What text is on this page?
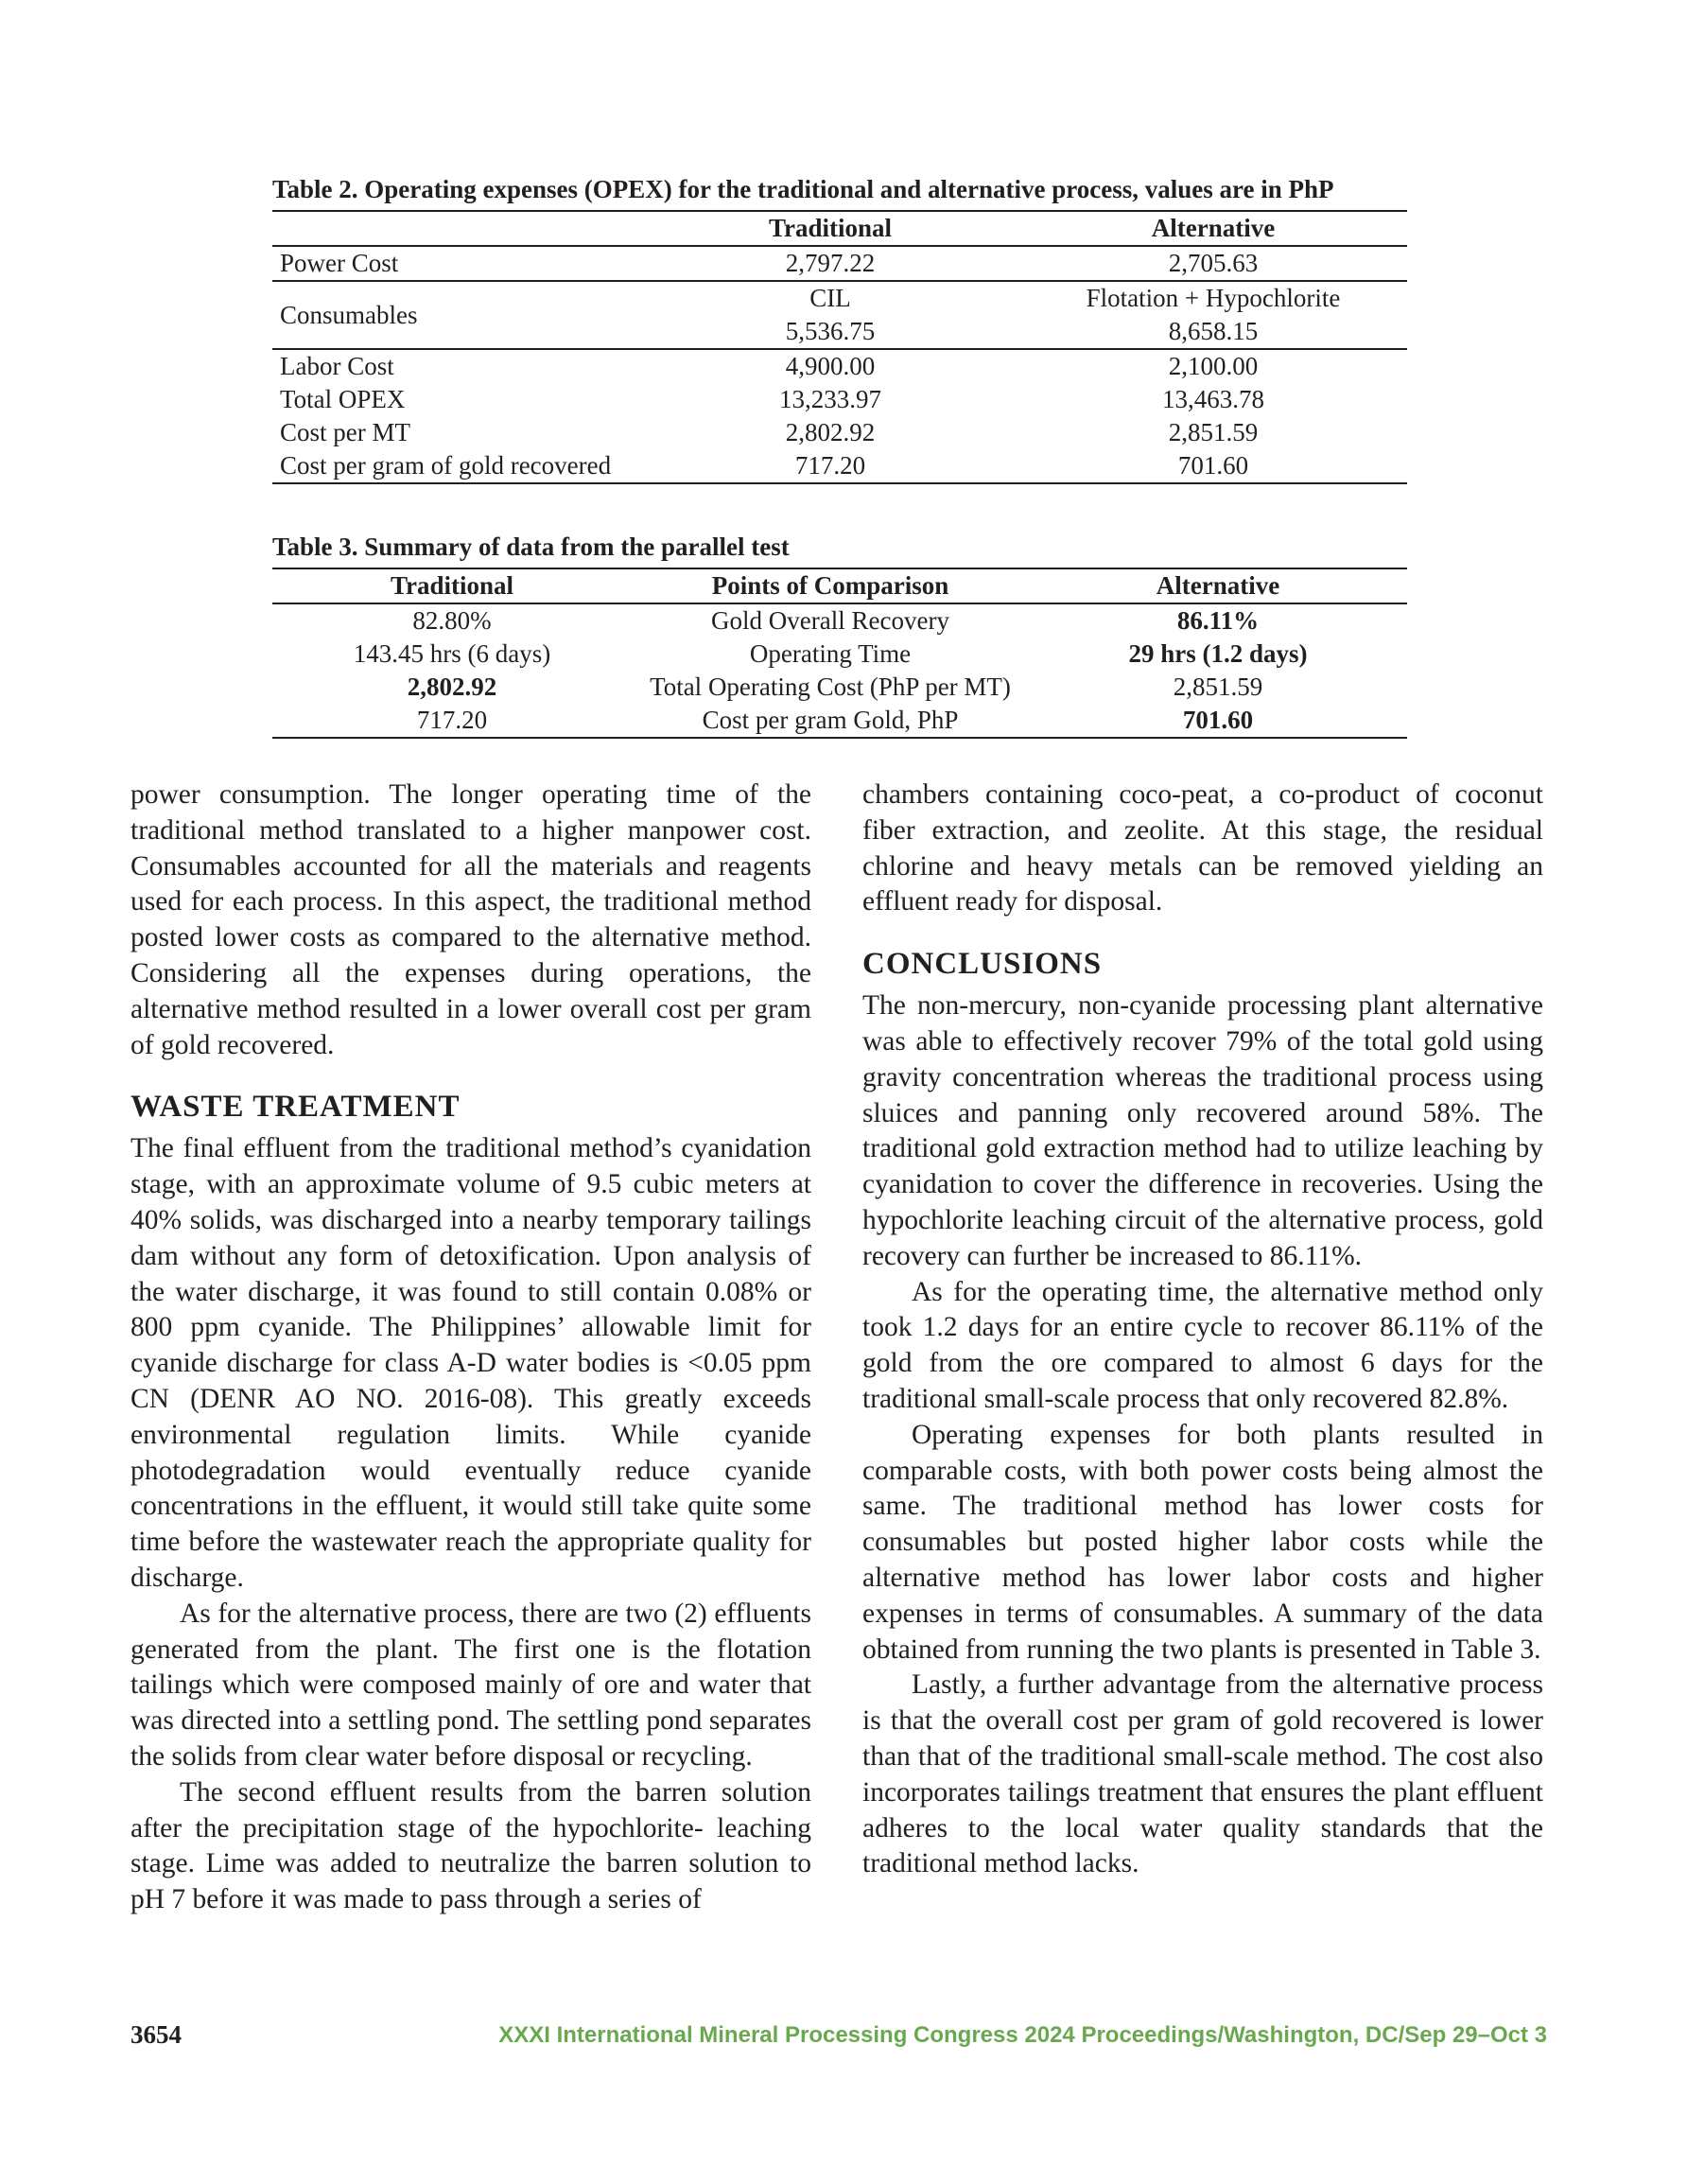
Table 2. Operating expenses (OPEX) for the traditional and alternative process, values are in PhP
	Traditional	Alternative
Power Cost	2,797.22	2,705.63
Consumables	CIL	Flotation + Hypochlorite
	5,536.75	8,658.15
Labor Cost	4,900.00	2,100.00
Total OPEX	13,233.97	13,463.78
Cost per MT	2,802.92	2,851.59
Cost per gram of gold recovered	717.20	701.60
Table 3. Summary of data from the parallel test
Traditional	Points of Comparison	Alternative
82.80%	Gold Overall Recovery	86.11%
143.45 hrs (6 days)	Operating Time	29 hrs (1.2 days)
2,802.92	Total Operating Cost (PhP per MT)	2,851.59
717.20	Cost per gram Gold, PhP	701.60

power consumption. The longer operating time of the traditional method translated to a higher manpower cost. Consumables accounted for all the materials and reagents used for each process. In this aspect, the traditional method posted lower costs as compared to the alternative method. Considering all the expenses during operations, the alternative method resulted in a lower overall cost per gram of gold recovered.

WASTE TREATMENT

The final effluent from the traditional method’s cyanidation stage, with an approximate volume of 9.5 cubic meters at 40% solids, was discharged into a nearby temporary tailings dam without any form of detoxification. Upon analysis of the water discharge, it was found to still contain 0.08% or 800 ppm cyanide. The Philippines’ allowable limit for cyanide discharge for class A-D water bodies is <0.05 ppm CN (DENR AO NO. 2016-08). This greatly exceeds environmental regulation limits. While cyanide photodegradation would eventually reduce cyanide concentrations in the effluent, it would still take quite some time before the wastewater reach the appropriate quality for discharge.

As for the alternative process, there are two (2) effluents generated from the plant. The first one is the flotation tailings which were composed mainly of ore and water that was directed into a settling pond. The settling pond separates the solids from clear water before disposal or recycling.

The second effluent results from the barren solution after the precipitation stage of the hypochlorite- leaching stage. Lime was added to neutralize the barren solution to pH 7 before it was made to pass through a series of

chambers containing coco-peat, a co-product of coconut fiber extraction, and zeolite. At this stage, the residual chlorine and heavy metals can be removed yielding an effluent ready for disposal.

CONCLUSIONS

The non-mercury, non-cyanide processing plant alternative was able to effectively recover 79% of the total gold using gravity concentration whereas the traditional process using sluices and panning only recovered around 58%. The traditional gold extraction method had to utilize leaching by cyanidation to cover the difference in recoveries. Using the hypochlorite leaching circuit of the alternative process, gold recovery can further be increased to 86.11%.

As for the operating time, the alternative method only took 1.2 days for an entire cycle to recover 86.11% of the gold from the ore compared to almost 6 days for the traditional small-scale process that only recovered 82.8%.

Operating expenses for both plants resulted in comparable costs, with both power costs being almost the same. The traditional method has lower costs for consumables but posted higher labor costs while the alternative method has lower labor costs and higher expenses in terms of consumables. A summary of the data obtained from running the two plants is presented in Table 3.

Lastly, a further advantage from the alternative process is that the overall cost per gram of gold recovered is lower than that of the traditional small-scale method. The cost also incorporates tailings treatment that ensures the plant effluent adheres to the local water quality standards that the traditional method lacks.

3654	XXXI International Mineral Processing Congress 2024 Proceedings/Washington, DC/Sep 29–Oct 3
